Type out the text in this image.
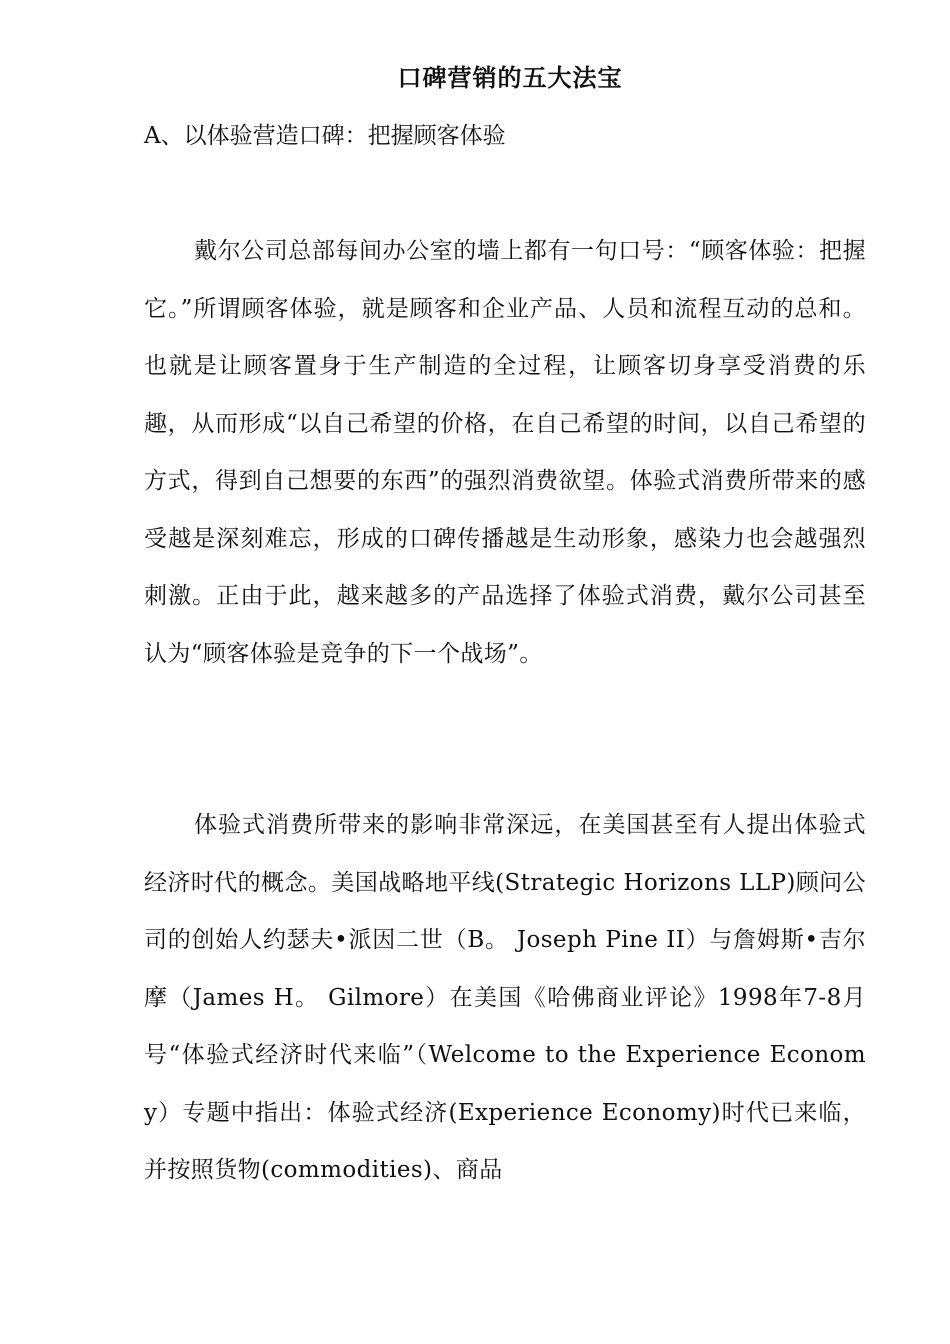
口碑营销的五大法宝

A、以体验营造口碑：把握顾客体验

戴尔公司总部每间办公室的墙上都有一句口号：“顾客体验：把握它。”所谓顾客体验，就是顾客和企业产品、人员和流程互动的总和。也就是让顾客置身于生产制造的全过程，让顾客切身享受消费的乐趣，从而形成“以自己希望的价格，在自己希望的时间，以自己希望的方式，得到自己想要的东西”的强烈消费欲望。体验式消费所带来的感受越是深刻难忘，形成的口碑传播越是生动形象，感染力也会越强烈刺激。正由于此，越来越多的产品选择了体验式消费，戴尔公司甚至认为“顾客体验是竞争的下一个战场”。

体验式消费所带来的影响非常深远，在美国甚至有人提出体验式经济时代的概念。美国战略地平线(Strategic Horizons LLP)顾问公司的创始人约瑟夫•派因二世（B。 Joseph Pine II）与詹姆斯•吉尔摩（James H。 Gilmore）在美国《哈佛商业评论》1998年7-8月号“体验式经济时代来临”（Welcome to the Experience Economy）专题中指出：体验式经济(Experience Economy)时代已来临，并按照货物(commodities)、商品
